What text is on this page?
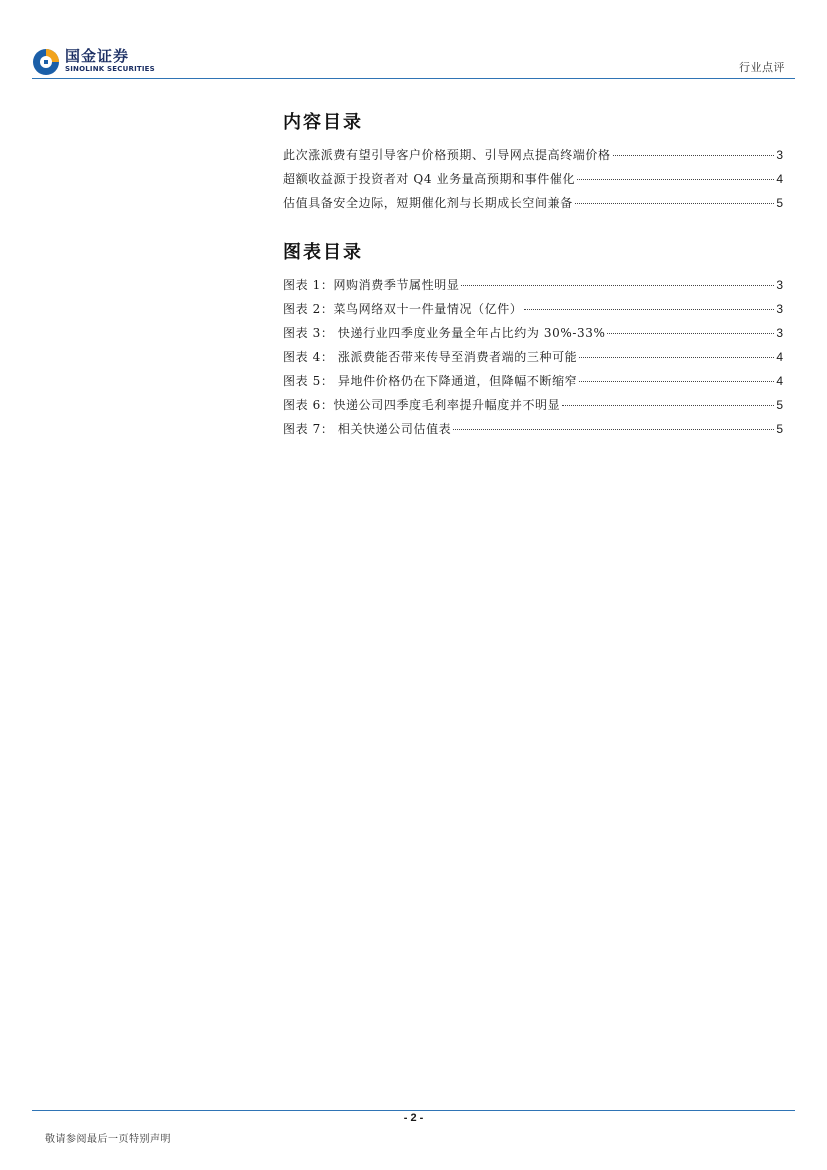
国金证券
SINOLINK SECURITIES	行业点评
内容目录
此次涨派费有望引导客户价格预期、引导网点提高终端价格	3
超额收益源于投资者对 Q4 业务量高预期和事件催化	4
估值具备安全边际，短期催化剂与长期成长空间兼备	5
图表目录
图表 1：网购消费季节属性明显	3
图表 2：菜鸟网络双十一件量情况（亿件）	3
图表 3： 快递行业四季度业务量全年占比约为 30%-33%	3
图表 4： 涨派费能否带来传导至消费者端的三种可能	4
图表 5： 异地件价格仍在下降通道，但降幅不断缩窄	4
图表 6：快递公司四季度毛利率提升幅度并不明显	5
图表 7： 相关快递公司估值表	5
- 2 -
敬请参阅最后一页特别声明
